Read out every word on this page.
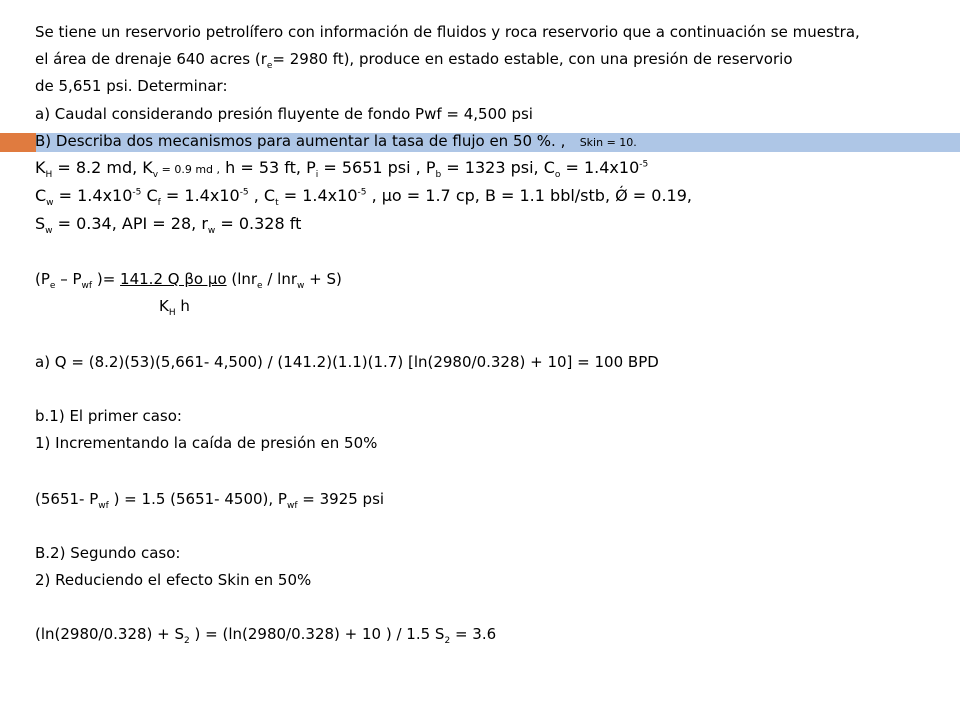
Se tiene un reservorio petrolífero con información de fluidos y roca reservorio que a continuación se muestra,
el área de drenaje 640 acres ($r_e= 2980$ ft), produce en estado estable, con una presión de reservorio
de 5,651 psi. Determinar:
a) Caudal considerando presión fluyente de fondo Pwf = 4,500 psi
B) Describa dos mecanismos para aumentar la tasa de flujo en 50 %. , Skin = 10.
$K_H = 8.2$ md, $K_v = 0.9$ md , h = 53 ft, $P_i = 5651$ psi , $P_b = 1323$ psi, $C_o = 1.4x10^{-5}$
$C_w = 1.4x10^{-5}$ $C_f = 1.4x10^{-5}$ , $C_t = 1.4x10^{-5}$ , µo = 1.7 cp, B = 1.1 bbl/stb, Ǿ = 0.19,
$S_w = 0.34$, API = 28, $r_w = 0.328$ ft
($P_e - P_{wf}$ )= 141.2 Q βo µo (lnr$_e$ / lnr$_w$ + S)
$K_H$ h
a) Q = (8.2)(53)(5,661- 4,500) / (141.2)(1.1)(1.7) [ln(2980/0.328) + 10] = 100 BPD
b.1) El primer caso:
1) Incrementando la caída de presión en 50%
(5651- $P_{wf}$ ) = 1.5 (5651- 4500), $P_{wf} = 3925$ psi
B.2) Segundo caso:
2) Reduciendo el efecto Skin en 50%
($\ln(2980/0.328) + S_2$ ) = (ln(2980/0.328) + 10 ) / 1.5 $S_2 = 3.6$
